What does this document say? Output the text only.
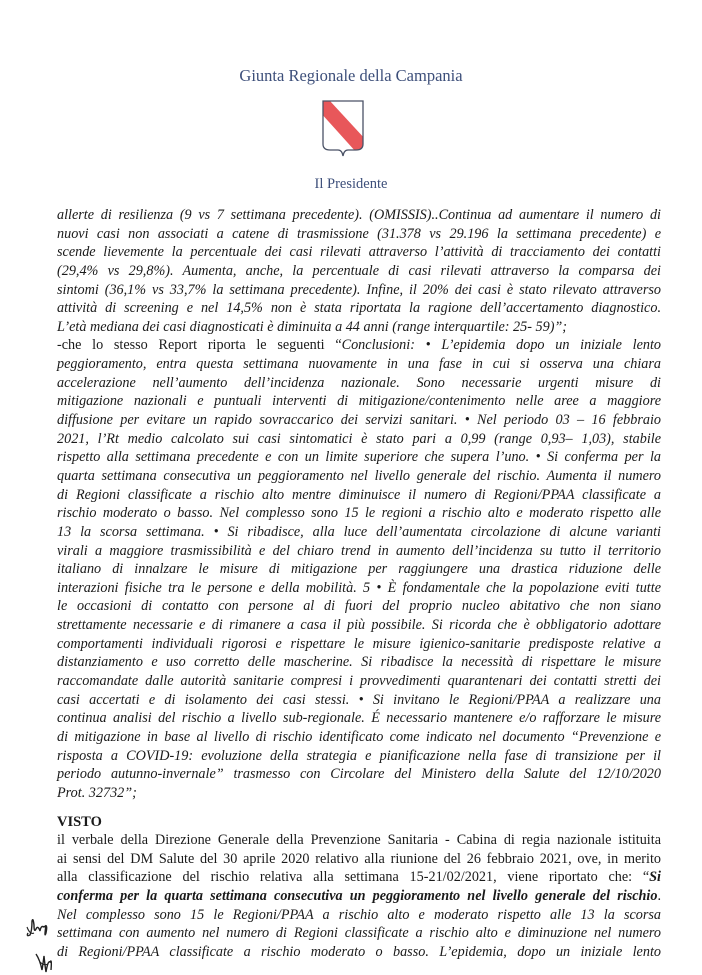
Giunta Regionale della Campania
Il Presidente
allerte di resilienza (9 vs 7 settimana precedente). (OMISSIS)..Continua ad aumentare il numero di
nuovi casi non associati a catene di trasmissione (31.378 vs 29.196 la settimana precedente) e
scende lievemente la percentuale dei casi rilevati attraverso l’attività di tracciamento dei contatti
(29,4% vs 29,8%). Aumenta, anche, la percentuale di casi rilevati attraverso la comparsa dei
sintomi (36,1% vs 33,7% la settimana precedente). Infine, il 20% dei casi è stato rilevato attraverso
attività di screening e nel 14,5% non è stata riportata la ragione dell’accertamento diagnostico.
L’età mediana dei casi diagnosticati è diminuita a 44 anni (range interquartile: 25- 59)”;
-che lo stesso Report riporta le seguenti “Conclusioni: • L’epidemia dopo un iniziale lento
peggioramento, entra questa settimana nuovamente in una fase in cui si osserva una chiara
accelerazione nell’aumento dell’incidenza nazionale. Sono necessarie urgenti misure di
mitigazione nazionali e puntuali interventi di mitigazione/contenimento nelle aree a maggiore
diffusione per evitare un rapido sovraccarico dei servizi sanitari. • Nel periodo 03 – 16 febbraio
2021, l’Rt medio calcolato sui casi sintomatici è stato pari a 0,99 (range 0,93– 1,03), stabile
rispetto alla settimana precedente e con un limite superiore che supera l’uno. • Si conferma per la
quarta settimana consecutiva un peggioramento nel livello generale del rischio. Aumenta il numero
di Regioni classificate a rischio alto mentre diminuisce il numero di Regioni/PPAA classificate a
rischio moderato o basso. Nel complesso sono 15 le regioni a rischio alto e moderato rispetto alle
13 la scorsa settimana. • Si ribadisce, alla luce dell’aumentata circolazione di alcune varianti
virali a maggiore trasmissibilità e del chiaro trend in aumento dell’incidenza su tutto il territorio
italiano di innalzare le misure di mitigazione per raggiungere una drastica riduzione delle
interazioni fisiche tra le persone e della mobilità. 5 • È fondamentale che la popolazione eviti tutte
le occasioni di contatto con persone al di fuori del proprio nucleo abitativo che non siano
strettamente necessarie e di rimanere a casa il più possibile. Si ricorda che è obbligatorio adottare
comportamenti individuali rigorosi e rispettare le misure igienico-sanitarie predisposte relative a
distanziamento e uso corretto delle mascherine. Si ribadisce la necessità di rispettare le misure
raccomandate dalle autorità sanitarie compresi i provvedimenti quarantenari dei contatti stretti dei
casi accertati e di isolamento dei casi stessi. • Si invitano le Regioni/PPAA a realizzare una
continua analisi del rischio a livello sub-regionale. É necessario mantenere e/o rafforzare le misure
di mitigazione in base al livello di rischio identificato come indicato nel documento “Prevenzione e
risposta a COVID-19: evoluzione della strategia e pianificazione nella fase di transizione per il
periodo autunno-invernale” trasmesso con Circolare del Ministero della Salute del 12/10/2020
Prot. 32732”;
VISTO
il verbale della Direzione Generale della Prevenzione Sanitaria - Cabina di regia nazionale istituita
ai sensi del DM Salute del 30 aprile 2020 relativo alla riunione del 26 febbraio 2021, ove, in merito
alla classificazione del rischio relativa alla settimana 15-21/02/2021, viene riportato che: “Si
conferma per la quarta settimana consecutiva un peggioramento nel livello generale del rischio.
Nel complesso sono 15 le Regioni/PPAA a rischio alto e moderato rispetto alle 13 la scorsa
settimana con aumento nel numero di Regioni classificate a rischio alto e diminuzione nel numero
di Regioni/PPAA classificate a rischio moderato o basso. L’epidemia, dopo un iniziale lento
